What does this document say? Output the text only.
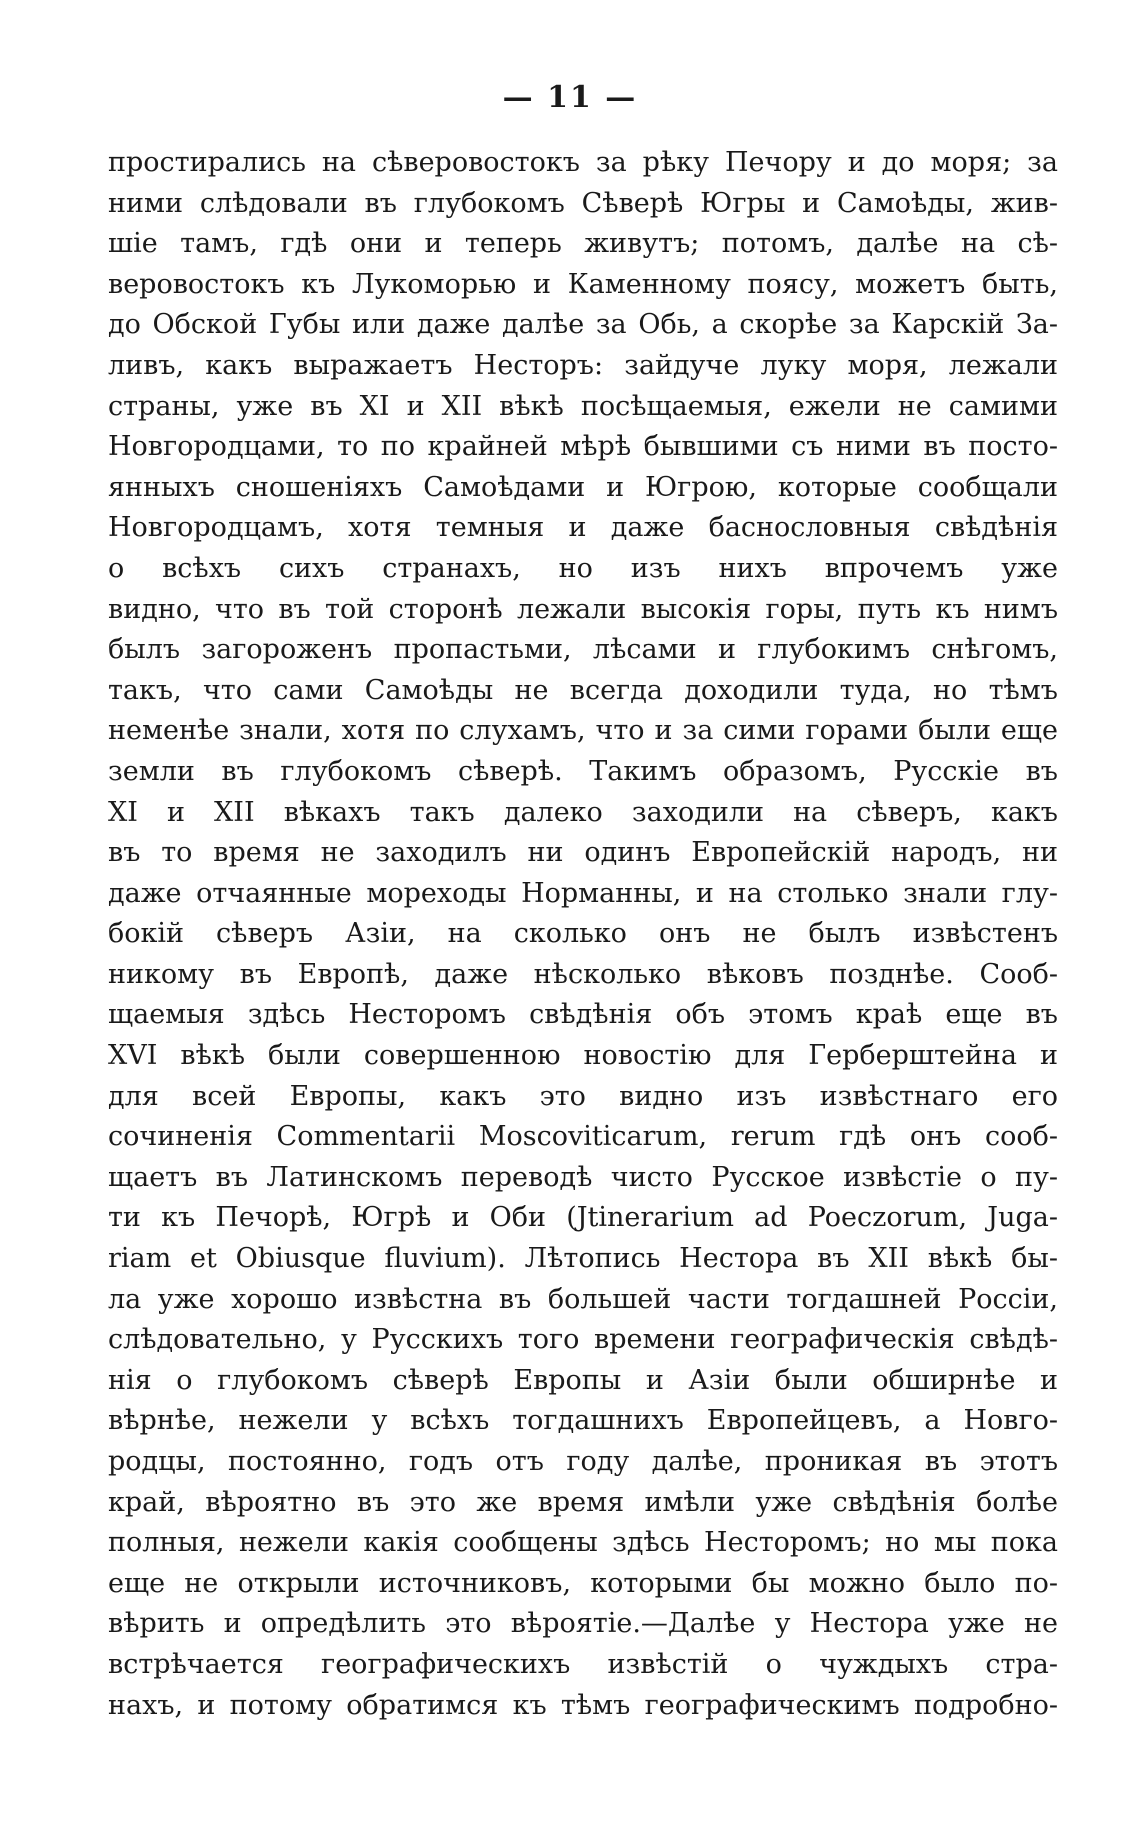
— 11 —
простирались на сѣверовостокъ за рѣку Печору и до моря; за
ними слѣдовали въ глубокомъ Сѣверѣ Югры и Самоѣды, жив-
шіе тамъ, гдѣ они и теперь живутъ; потомъ, далѣе на сѣ-
веровостокъ къ Лукоморью и Каменному поясу, можетъ быть,
до Обской Губы или даже далѣе за Обь, а скорѣе за Карскій За-
ливъ, какъ выражаетъ Несторъ: зайдуче луку моря, лежали
страны, уже въ XI и XII вѣкѣ посѣщаемыя, ежели не самими
Новгородцами, то по крайней мѣрѣ бывшими съ ними въ посто-
янныхъ сношеніяхъ Самоѣдами и Югрою, которые сообщали
Новгородцамъ, хотя темныя и даже баснословныя свѣдѣнія
о всѣхъ сихъ странахъ, но изъ нихъ впрочемъ уже
видно, что въ той сторонѣ лежали высокія горы, путь къ нимъ
былъ загороженъ пропастьми, лѣсами и глубокимъ снѣгомъ,
такъ, что сами Самоѣды не всегда доходили туда, но тѣмъ
неменѣе знали, хотя по слухамъ, что и за сими горами были еще
земли въ глубокомъ сѣверѣ. Такимъ образомъ, Русскіе въ
XI и XII вѣкахъ такъ далеко заходили на сѣверъ, какъ
въ то время не заходилъ ни одинъ Европейскій народъ, ни
даже отчаянные мореходы Норманны, и на столько знали глу-
бокій сѣверъ Азіи, на сколько онъ не былъ извѣстенъ
никому въ Европѣ, даже нѣсколько вѣковъ позднѣе. Сооб-
щаемыя здѣсь Несторомъ свѣдѣнія объ этомъ краѣ еще въ
XVI вѣкѣ были совершенною новостію для Герберштейна и
для всей Европы, какъ это видно изъ извѣстнаго его
сочиненія Commentarii Moscoviticarum, rerum гдѣ онъ сооб-
щаетъ въ Латинскомъ переводѣ чисто Русское извѣстіе о пу-
ти къ Печорѣ, Югрѣ и Оби (Jtinerarium ad Poeczorum, Juga-
riam et Obiusque fluvium). Лѣтопись Нестора въ XII вѣкѣ бы-
ла уже хорошо извѣстна въ большей части тогдашней Россіи,
слѣдовательно, у Русскихъ того времени географическія свѣдѣ-
нія о глубокомъ сѣверѣ Европы и Азіи были обширнѣе и
вѣрнѣе, нежели у всѣхъ тогдашнихъ Европейцевъ, а Новго-
родцы, постоянно, годъ отъ году далѣе, проникая въ этотъ
край, вѣроятно въ это же время имѣли уже свѣдѣнія болѣе
полныя, нежели какія сообщены здѣсь Несторомъ; но мы пока
еще не открыли источниковъ, которыми бы можно было по-
вѣрить и опредѣлить это вѣроятіе.—Далѣе у Нестора уже не
встрѣчается географическихъ извѣстій о чуждыхъ стра-
нахъ, и потому обратимся къ тѣмъ географическимъ подробно-
